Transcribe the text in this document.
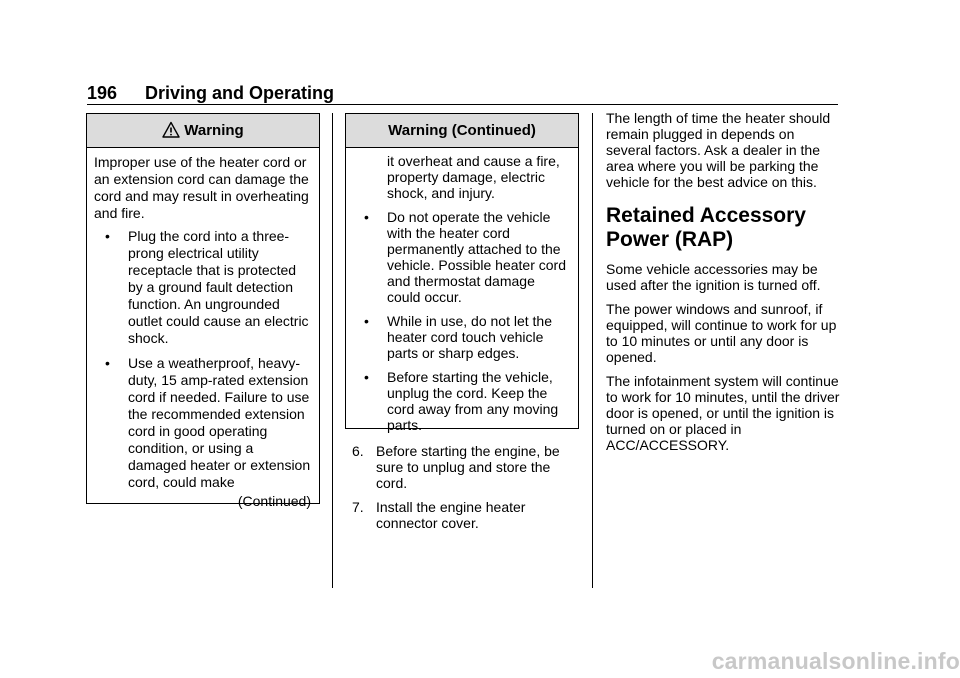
196 Driving and Operating
Warning

Improper use of the heater cord or an extension cord can damage the cord and may result in overheating and fire.

• Plug the cord into a three-prong electrical utility receptacle that is protected by a ground fault detection function. An ungrounded outlet could cause an electric shock.
• Use a weatherproof, heavy-duty, 15 amp-rated extension cord if needed. Failure to use the recommended extension cord in good operating condition, or using a damaged heater or extension cord, could make
(Continued)
Warning (Continued)

it overheat and cause a fire, property damage, electric shock, and injury.

• Do not operate the vehicle with the heater cord permanently attached to the vehicle. Possible heater cord and thermostat damage could occur.
• While in use, do not let the heater cord touch vehicle parts or sharp edges.
• Before starting the vehicle, unplug the cord. Keep the cord away from any moving parts.
6. Before starting the engine, be sure to unplug and store the cord.
7. Install the engine heater connector cover.

The length of time the heater should remain plugged in depends on several factors. Ask a dealer in the area where you will be parking the vehicle for the best advice on this.

Retained Accessory Power (RAP)

Some vehicle accessories may be used after the ignition is turned off.

The power windows and sunroof, if equipped, will continue to work for up to 10 minutes or until any door is opened.

The infotainment system will continue to work for 10 minutes, until the driver door is opened, or until the ignition is turned on or placed in ACC/ACCESSORY.

carmanualsonline.info
